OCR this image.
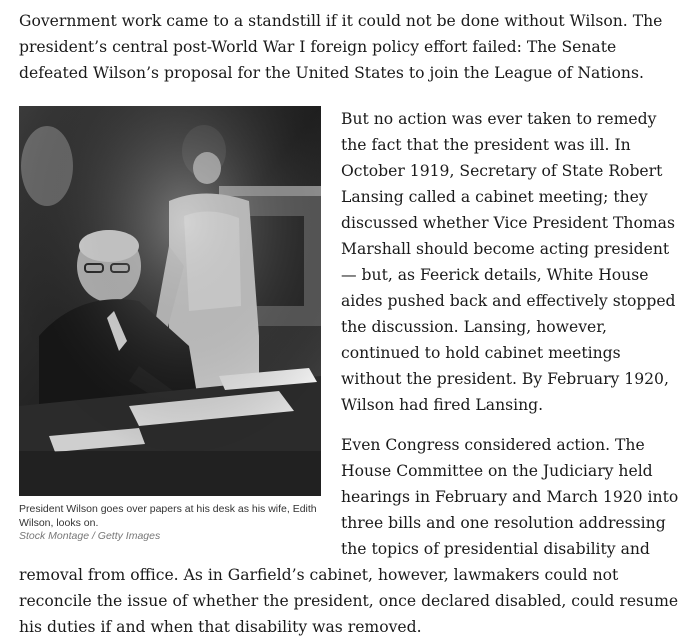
Government work came to a standstill if it could not be done without Wilson. The president’s central post-World War I foreign policy effort failed: The Senate defeated Wilson’s proposal for the United States to join the League of Nations.

President Wilson goes over papers at his desk as his wife, Edith Wilson, looks on.
Stock Montage / Getty Images

But no action was ever taken to remedy the fact that the president was ill. In October 1919, Secretary of State Robert Lansing called a cabinet meeting; they discussed whether Vice President Thomas Marshall should become acting president — but, as Feerick details, White House aides pushed back and effectively stopped the discussion. Lansing, however, continued to hold cabinet meetings without the president. By February 1920, Wilson had fired Lansing.

Even Congress considered action. The House Committee on the Judiciary held hearings in February and March 1920 into three bills and one resolution addressing the topics of presidential disability and removal from office. As in Garfield’s cabinet, however, lawmakers could not reconcile the issue of whether the president, once declared disabled, could resume his duties if and when that disability was removed.
